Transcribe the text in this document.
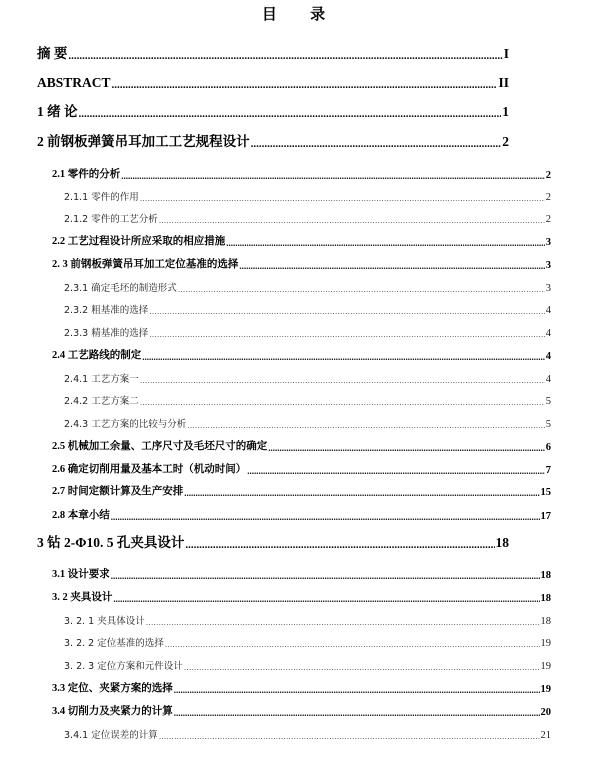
目 录
摘 要 .....	I
ABSTRACT .....	II
1 绪 论 .....	1
2 前钢板弹簧吊耳加工工艺规程设计 .....	2
2.1 零件的分析 .....	2
2.1.1 零件的作用 .....	2
2.1.2 零件的工艺分析 .....	2
2.2 工艺过程设计所应采取的相应措施 .....	3
2. 3 前钢板弹簧吊耳加工定位基准的选择 .....	3
2.3.1 确定毛坯的制造形式 .....	3
2.3.2 粗基准的选择 .....	4
2.3.3 精基准的选择 .....	4
2.4 工艺路线的制定 .....	4
2.4.1 工艺方案一 .....	4
2.4.2 工艺方案二 .....	5
2.4.3 工艺方案的比较与分析 .....	5
2.5 机械加工余量、工序尺寸及毛坯尺寸的确定 .....	6
2.6 确定切削用量及基本工时（机动时间） .....	7
2.7 时间定额计算及生产安排 .....	15
2.8 本章小结 .....	17
3 钻 2-Φ10. 5 孔夹具设计 .....	18
3.1 设计要求 .....	18
3. 2 夹具设计 .....	18
3. 2. 1 夹具体设计 .....	18
3. 2. 2 定位基准的选择 .....	19
3. 2. 3 定位方案和元件设计 .....	19
3.3 定位、夹紧方案的选择 .....	19
3.4 切削力及夹紧力的计算 .....	20
3.4.1 定位误差的计算 .....	21
